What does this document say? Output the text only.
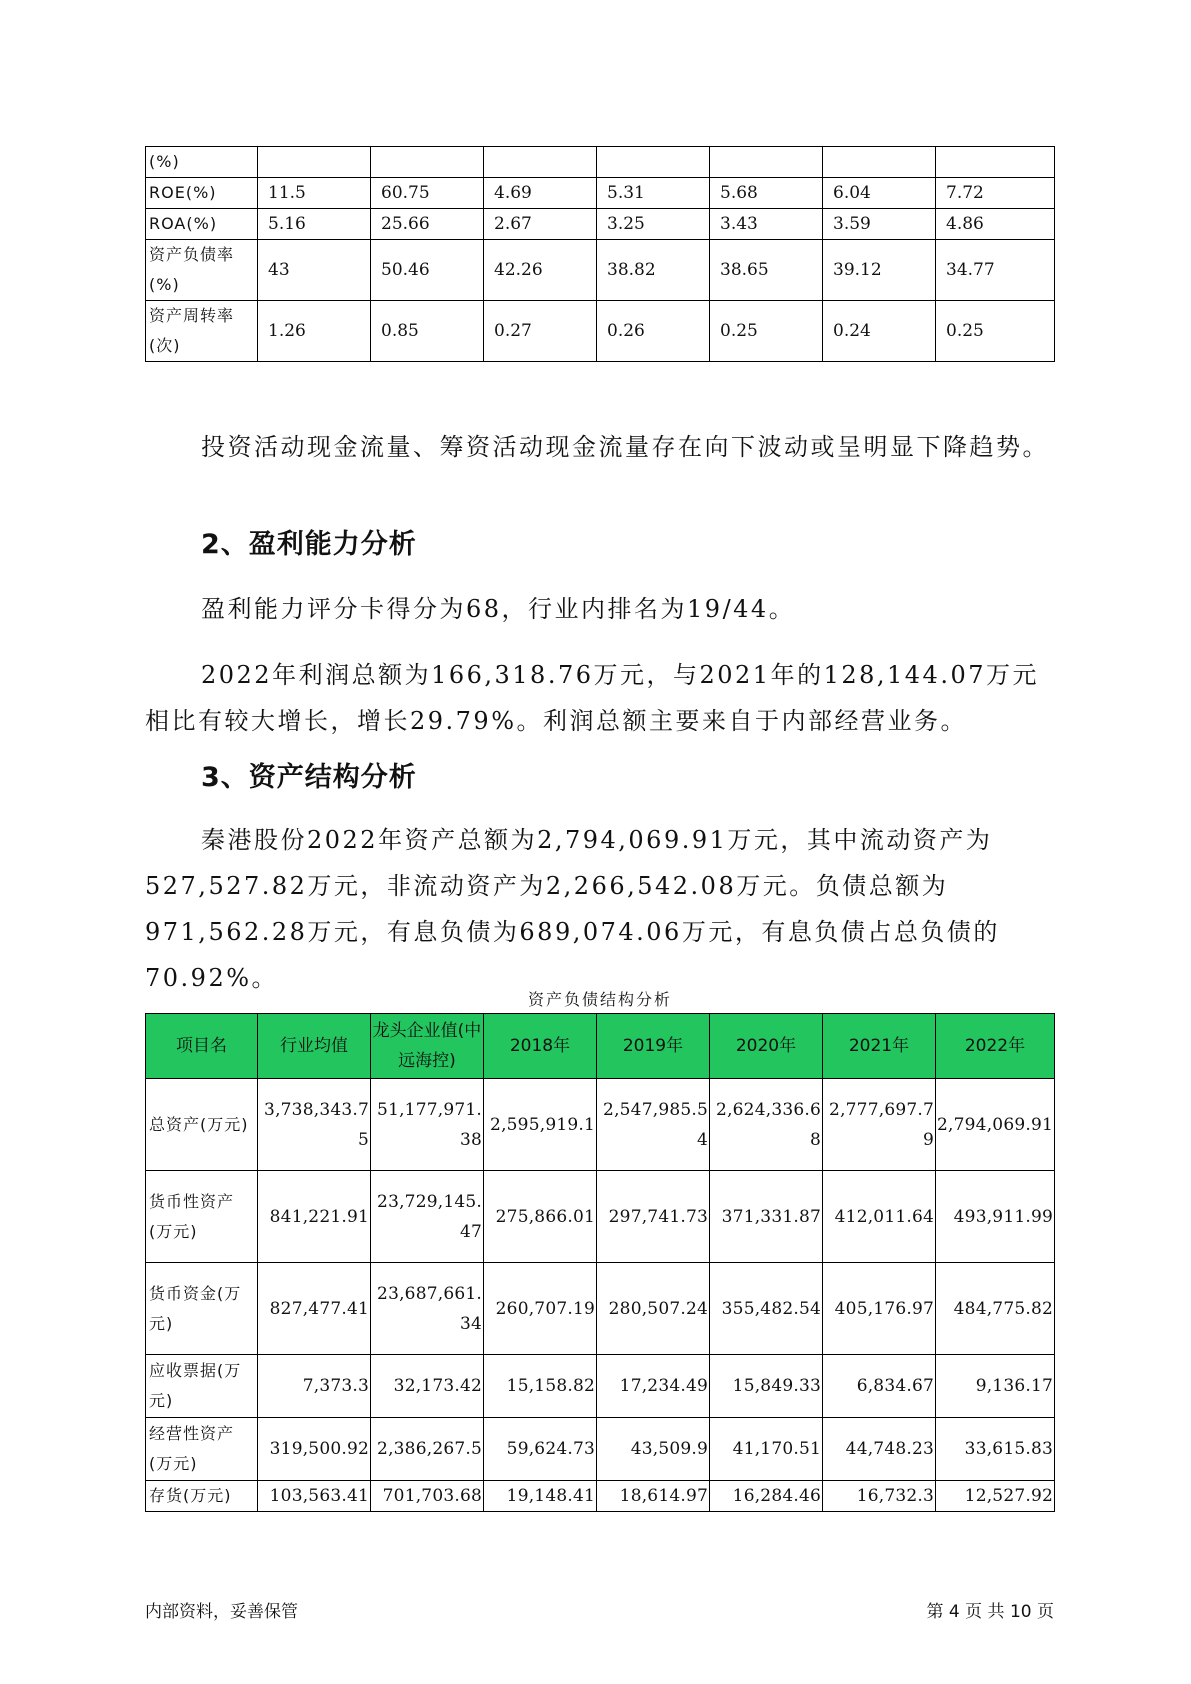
(%)							
ROE(%)	11.5	60.75	4.69	5.31	5.68	6.04	7.72
ROA(%)	5.16	25.66	2.67	3.25	3.43	3.59	4.86
资产负债率(%)	43	50.46	42.26	38.82	38.65	39.12	34.77
资产周转率(次)	1.26	0.85	0.27	0.26	0.25	0.24	0.25

投资活动现金流量、筹资活动现金流量存在向下波动或呈明显下降趋势。

2、盈利能力分析

盈利能力评分卡得分为68，行业内排名为19/44。

2022年利润总额为166,318.76万元，与2021年的128,144.07万元相比有较大增长，增长29.79%。利润总额主要来自于内部经营业务。

3、资产结构分析

秦港股份2022年资产总额为2,794,069.91万元，其中流动资产为527,527.82万元，非流动资产为2,266,542.08万元。负债总额为971,562.28万元，有息负债为689,074.06万元，有息负债占总负债的70.92%。

资产负债结构分析
项目名	行业均值	龙头企业值(中远海控)	2018年	2019年	2020年	2021年	2022年
总资产(万元)	3,738,343.75	51,177,971.38	2,595,919.1	2,547,985.54	2,624,336.68	2,777,697.79	2,794,069.91
货币性资产(万元)	841,221.91	23,729,145.47	275,866.01	297,741.73	371,331.87	412,011.64	493,911.99
货币资金(万元)	827,477.41	23,687,661.34	260,707.19	280,507.24	355,482.54	405,176.97	484,775.82
应收票据(万元)	7,373.3	32,173.42	15,158.82	17,234.49	15,849.33	6,834.67	9,136.17
经营性资产(万元)	319,500.92	2,386,267.5	59,624.73	43,509.9	41,170.51	44,748.23	33,615.83
存货(万元)	103,563.41	701,703.68	19,148.41	18,614.97	16,284.46	16,732.3	12,527.92
内部资料，妥善保管	第 4 页 共 10 页
